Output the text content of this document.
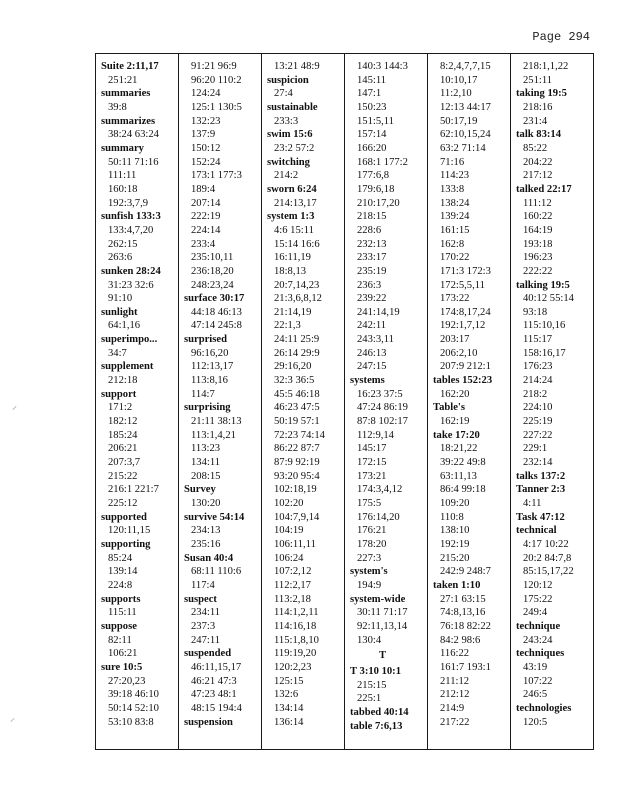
Page 294
⸝
⸝
Suite 2:11,17
251:21
summaries
39:8
summarizes
38:24 63:24
summary
50:11 71:16
111:11
160:18
192:3,7,9
sunfish 133:3
133:4,7,20
262:15
263:6
sunken 28:24
31:23 32:6
91:10
sunlight
64:1,16
superimpo...
34:7
supplement
212:18
support
171:2
182:12
185:24
206:21
207:3,7
215:22
216:1 221:7
225:12
supported
120:11,15
supporting
85:24
139:14
224:8
supports
115:11
suppose
82:11
106:21
sure 10:5
27:20,23
39:18 46:10
50:14 52:10
53:10 83:8
91:21 96:9
96:20 110:2
124:24
125:1 130:5
132:23
137:9
150:12
152:24
173:1 177:3
189:4
207:14
222:19
224:14
233:4
235:10,11
236:18,20
248:23,24
surface 30:17
44:18 46:13
47:14 245:8
surprised
96:16,20
112:13,17
113:8,16
114:7
surprising
21:11 38:13
113:1,4,21
113:23
134:11
208:15
Survey
130:20
survive 54:14
234:13
235:16
Susan 40:4
68:11 110:6
117:4
suspect
234:11
237:3
247:11
suspended
46:11,15,17
46:21 47:3
47:23 48:1
48:15 194:4
suspension
13:21 48:9
suspicion
27:4
sustainable
233:3
swim 15:6
23:2 57:2
switching
214:2
sworn 6:24
214:13,17
system 1:3
4:6 15:11
15:14 16:6
16:11,19
18:8,13
20:7,14,23
21:3,6,8,12
21:14,19
22:1,3
24:11 25:9
26:14 29:9
29:16,20
32:3 36:5
45:5 46:18
46:23 47:5
50:19 57:1
72:23 74:14
86:22 87:7
87:9 92:19
93:20 95:4
102:18,19
102:20
104:7,9,14
104:19
106:11,11
106:24
107:2,12
112:2,17
113:2,18
114:1,2,11
114:16,18
115:1,8,10
119:19,20
120:2,23
125:15
132:6
134:14
136:14
140:3 144:3
145:11
147:1
150:23
151:5,11
157:14
166:20
168:1 177:2
177:6,8
179:6,18
210:17,20
218:15
228:6
232:13
233:17
235:19
236:3
239:22
241:14,19
242:11
243:3,11
246:13
247:15
systems
16:23 37:5
47:24 86:19
87:8 102:17
112:9,14
145:17
172:15
173:21
174:3,4,12
175:5
176:14,20
176:21
178:20
227:3
system's
194:9
system-wide
30:11 71:17
92:11,13,14
130:4
T
T 3:10 10:1
215:15
225:1
tabbed 40:14
table 7:6,13
8:2,4,7,7,15
10:10,17
11:2,10
12:13 44:17
50:17,19
62:10,15,24
63:2 71:14
71:16
114:23
133:8
138:24
139:24
161:15
162:8
170:22
171:3 172:3
172:5,5,11
173:22
174:8,17,24
192:1,7,12
203:17
206:2,10
207:9 212:1
tables 152:23
162:20
Table's
162:19
take 17:20
18:21,22
39:22 49:8
63:11,13
86:4 99:18
109:20
110:8
138:10
192:19
215:20
242:9 248:7
taken 1:10
27:1 63:15
74:8,13,16
76:18 82:22
84:2 98:6
116:22
161:7 193:1
211:12
212:12
214:9
217:22
218:1,1,22
251:11
taking 19:5
218:16
231:4
talk 83:14
85:22
204:22
217:12
talked 22:17
111:12
160:22
164:19
193:18
196:23
222:22
talking 19:5
40:12 55:14
93:18
115:10,16
115:17
158:16,17
176:23
214:24
218:2
224:10
225:19
227:22
229:1
232:14
talks 137:2
Tanner 2:3
4:11
Task 47:12
technical
4:17 10:22
20:2 84:7,8
85:15,17,22
120:12
175:22
249:4
technique
243:24
techniques
43:19
107:22
246:5
technologies
120:5
